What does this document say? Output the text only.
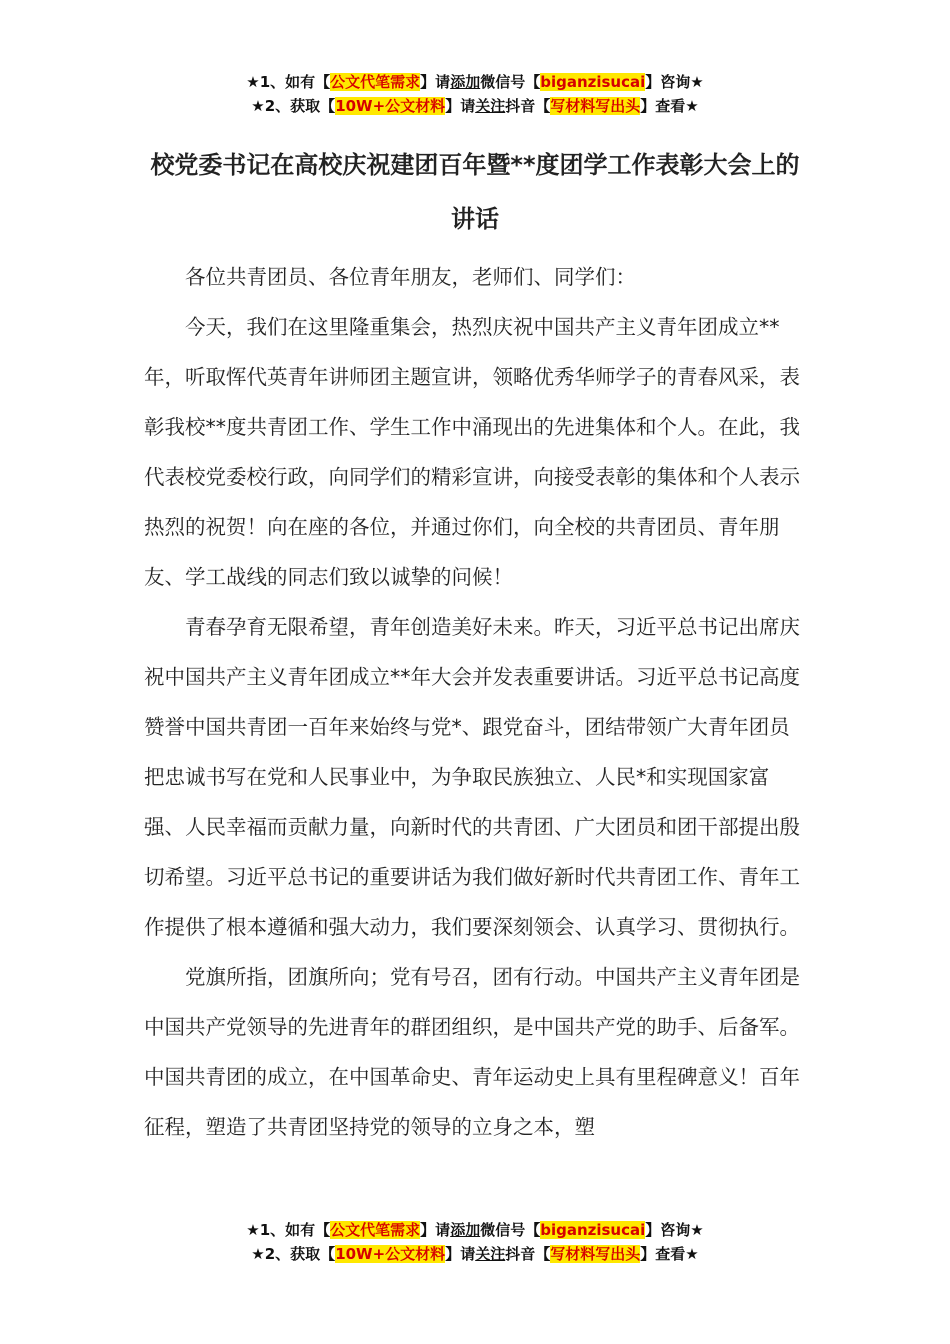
★1、如有【公文代笔需求】请添加微信号【biganzisucai】咨询★
★2、获取【10W+公文材料】请关注抖音【写材料写出头】查看★
校党委书记在高校庆祝建团百年暨**度团学工作表彰大会上的讲话

各位共青团员、各位青年朋友，老师们、同学们：

今天，我们在这里隆重集会，热烈庆祝中国共产主义青年团成立**年，听取恽代英青年讲师团主题宣讲，领略优秀华师学子的青春风采，表彰我校**度共青团工作、学生工作中涌现出的先进集体和个人。在此，我代表校党委校行政，向同学们的精彩宣讲，向接受表彰的集体和个人表示热烈的祝贺！向在座的各位，并通过你们，向全校的共青团员、青年朋友、学工战线的同志们致以诚挚的问候！

青春孕育无限希望，青年创造美好未来。昨天，习近平总书记出席庆祝中国共产主义青年团成立**年大会并发表重要讲话。习近平总书记高度赞誉中国共青团一百年来始终与党*、跟党奋斗，团结带领广大青年团员把忠诚书写在党和人民事业中，为争取民族独立、人民*和实现国家富强、人民幸福而贡献力量，向新时代的共青团、广大团员和团干部提出殷切希望。习近平总书记的重要讲话为我们做好新时代共青团工作、青年工作提供了根本遵循和强大动力，我们要深刻领会、认真学习、贯彻执行。

党旗所指，团旗所向；党有号召，团有行动。中国共产主义青年团是中国共产党领导的先进青年的群团组织，是中国共产党的助手、后备军。中国共青团的成立，在中国革命史、青年运动史上具有里程碑意义！百年征程，塑造了共青团坚持党的领导的立身之本，塑

★1、如有【公文代笔需求】请添加微信号【biganzisucai】咨询★
★2、获取【10W+公文材料】请关注抖音【写材料写出头】查看★
